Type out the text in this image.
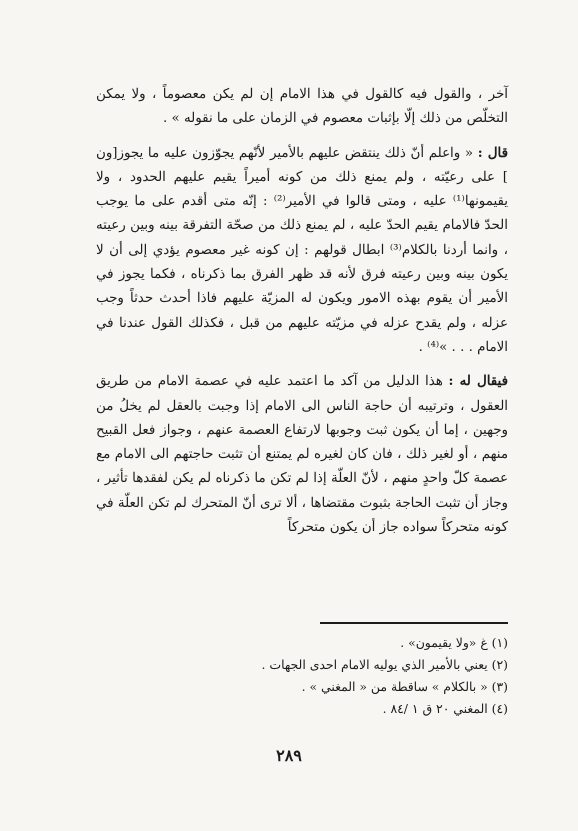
آخر ، والقول فيه كالقول في هذا الامام إن لم يكن معصوماً ، ولا يمكن التخلّص من ذلك إلّا بإثبات معصوم في الزمان على ما نقوله » .

قال : « واعلم أنّ ذلك ينتقض عليهم بالأمير لأنّهم يجوّزون عليه ما يجوز[ون ] على رعيّته ، ولم يمنع ذلك من كونه أميراً يقيم عليهم الحدود ، ولا يقيمونها⁽¹⁾ عليه ، ومتى قالوا في الأمير⁽²⁾ : إنّه متى أقدم على ما يوجب الحدّ فالامام يقيم الحدّ عليه ، لم يمنع ذلك من صحّة التفرقة بينه وبين رعيته ، وانما أردنا بالكلام⁽³⁾ ابطال قولهم : إن كونه غير معصوم يؤدي إلى أن لا يكون بينه وبين رعيته فرق لأنه قد ظهر الفرق بما ذكرناه ، فكما يجوز في الأمير أن يقوم بهذه الامور ويكون له المزيّة عليهم فاذا أحدث حدثاً وجب عزله ، ولم يقدح عزله في مزيّته عليهم من قبل ، فكذلك القول عندنا في الامام . . . »⁽⁴⁾ .

فيقال له : هذا الدليل من آكد ما اعتمد عليه في عصمة الامام من طريق العقول ، وترتيبه أن حاجة الناس الى الامام إذا وجبت بالعقل لم يخلُ من وجهين ، إما أن يكون ثبت وجوبها لارتفاع العصمة عنهم ، وجواز فعل القبيح منهم ، أو لغير ذلك ، فان كان لغيره لم يمتنع أن تثبت حاجتهم الى الامام مع عصمة كلّ واحدٍ منهم ، لأنّ العلّة إذا لم تكن ما ذكرناه لم يكن لفقدها تأثير ، وجاز أن تثبت الحاجة بثبوت مقتضاها ، ألا ترى أنّ المتحرك لم تكن العلّة في كونه متحركاً سواده جاز أن يكون متحركاً

(١) غ «ولا يقيمون» .
(٢) يعني بالأمير الذي يوليه الامام احدى الجهات .
(٣) « بالكلام » ساقطة من « المغني » .
(٤) المغني ٢٠ ق ١ /٨٤ .
٢٨٩
